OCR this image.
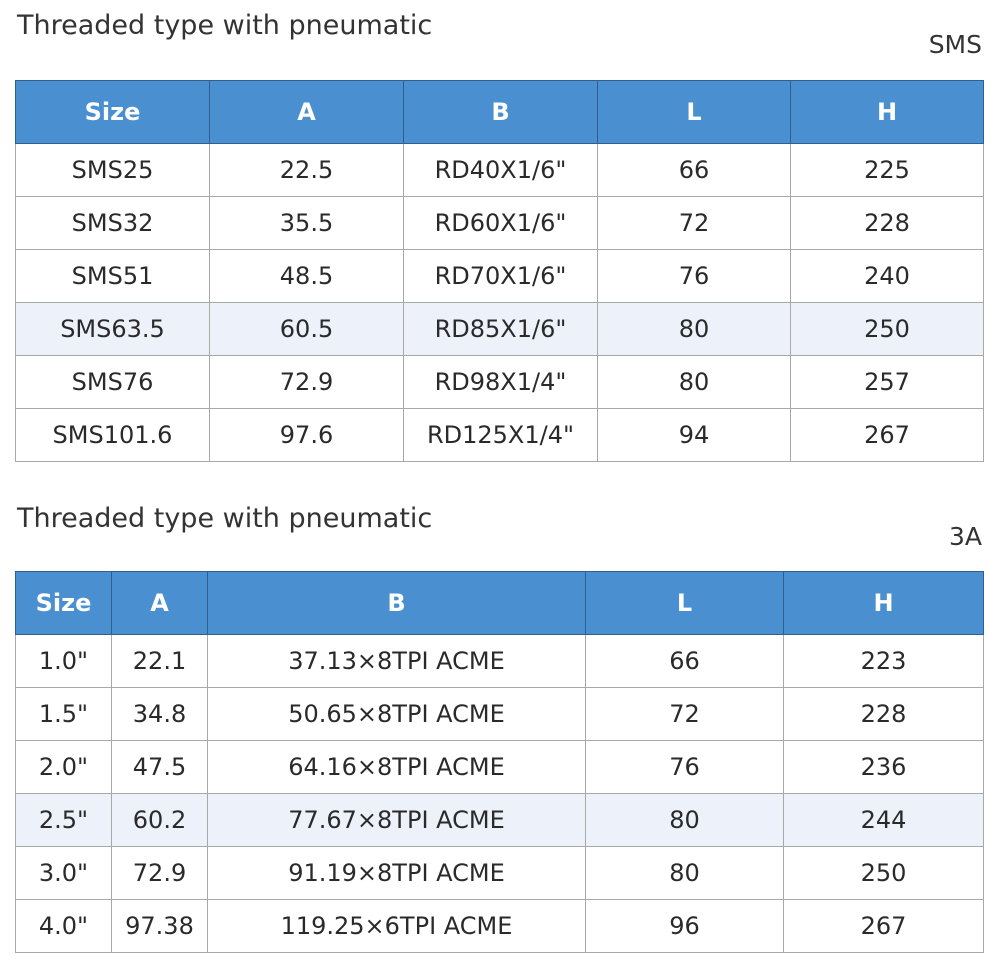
Threaded type with pneumatic
SMS
Size	A	B	L	H
SMS25	22.5	RD40X1/6"	66	225
SMS32	35.5	RD60X1/6"	72	228
SMS51	48.5	RD70X1/6"	76	240
SMS63.5	60.5	RD85X1/6"	80	250
SMS76	72.9	RD98X1/4"	80	257
SMS101.6	97.6	RD125X1/4"	94	267
Threaded type with pneumatic
3A
Size	A	B	L	H
1.0"	22.1	37.13×8TPI ACME	66	223
1.5"	34.8	50.65×8TPI ACME	72	228
2.0"	47.5	64.16×8TPI ACME	76	236
2.5"	60.2	77.67×8TPI ACME	80	244
3.0"	72.9	91.19×8TPI ACME	80	250
4.0"	97.38	119.25×6TPI ACME	96	267
